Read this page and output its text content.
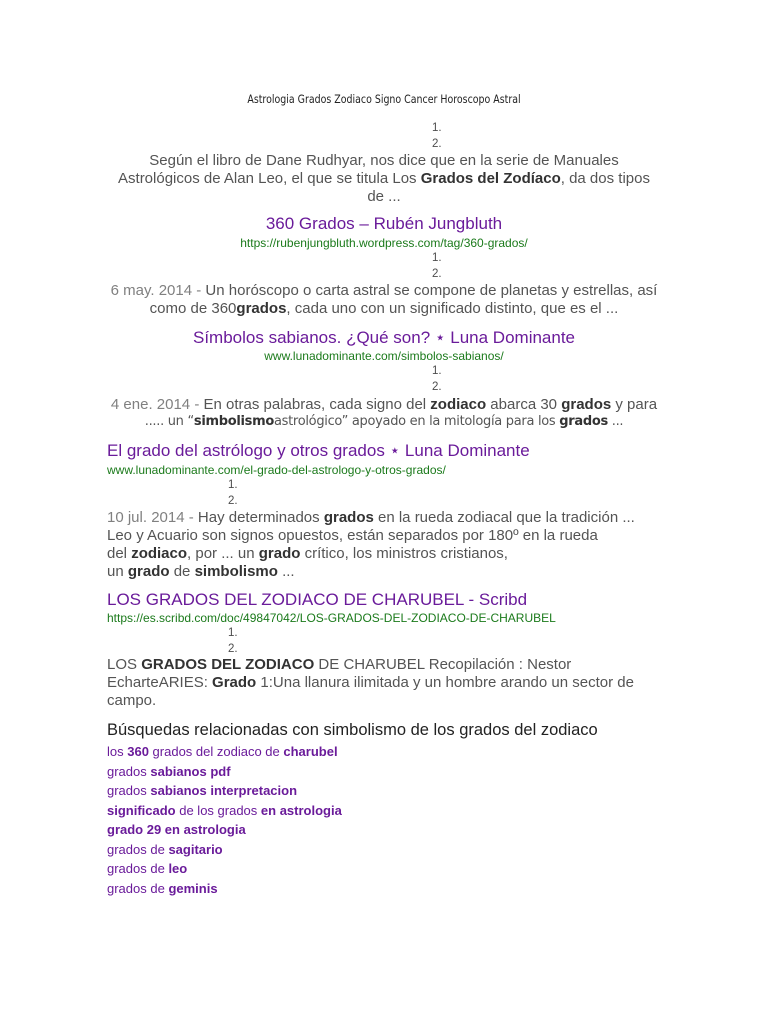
Astrologia Grados Zodiaco Signo Cancer Horoscopo Astral
1.
2.
Según el libro de Dane Rudhyar, nos dice que en la serie de Manuales
Astrológicos de Alan Leo, el que se titula Los Grados del Zodíaco, da dos tipos
de ...
360 Grados – Rubén Jungbluth
https://rubenjungbluth.wordpress.com/tag/360-grados/
1.
2.
6 may. 2014 - Un horóscopo o carta astral se compone de planetas y estrellas, así
como de 360grados, cada uno con un significado distinto, que es el ...
Símbolos sabianos. ¿Qué son? ⋆ Luna Dominante
www.lunadominante.com/simbolos-sabianos/
1.
2.
4 ene. 2014 - En otras palabras, cada signo del zodiaco abarca 30 grados y para
..... un “simbolismoastrológico” apoyado en la mitología para los grados ...
El grado del astrólogo y otros grados ⋆ Luna Dominante
www.lunadominante.com/el-grado-del-astrologo-y-otros-grados/
1.
2.
10 jul. 2014 - Hay determinados grados en la rueda zodiacal que la tradición ...
Leo y Acuario son signos opuestos, están separados por 180º en la rueda
del zodiaco, por ... un grado crítico, los ministros cristianos,
un grado de simbolismo ...
LOS GRADOS DEL ZODIACO DE CHARUBEL - Scribd
https://es.scribd.com/doc/49847042/LOS-GRADOS-DEL-ZODIACO-DE-CHARUBEL
1.
2.
LOS GRADOS DEL ZODIACO DE CHARUBEL Recopilación : Nestor
EcharteARIES: Grado 1:Una llanura ilimitada y un hombre arando un sector de
campo.
Búsquedas relacionadas con simbolismo de los grados del zodiaco
los 360 grados del zodiaco de charubel
grados sabianos pdf
grados sabianos interpretacion
significado de los grados en astrologia
grado 29 en astrologia
grados de sagitario
grados de leo
grados de geminis
